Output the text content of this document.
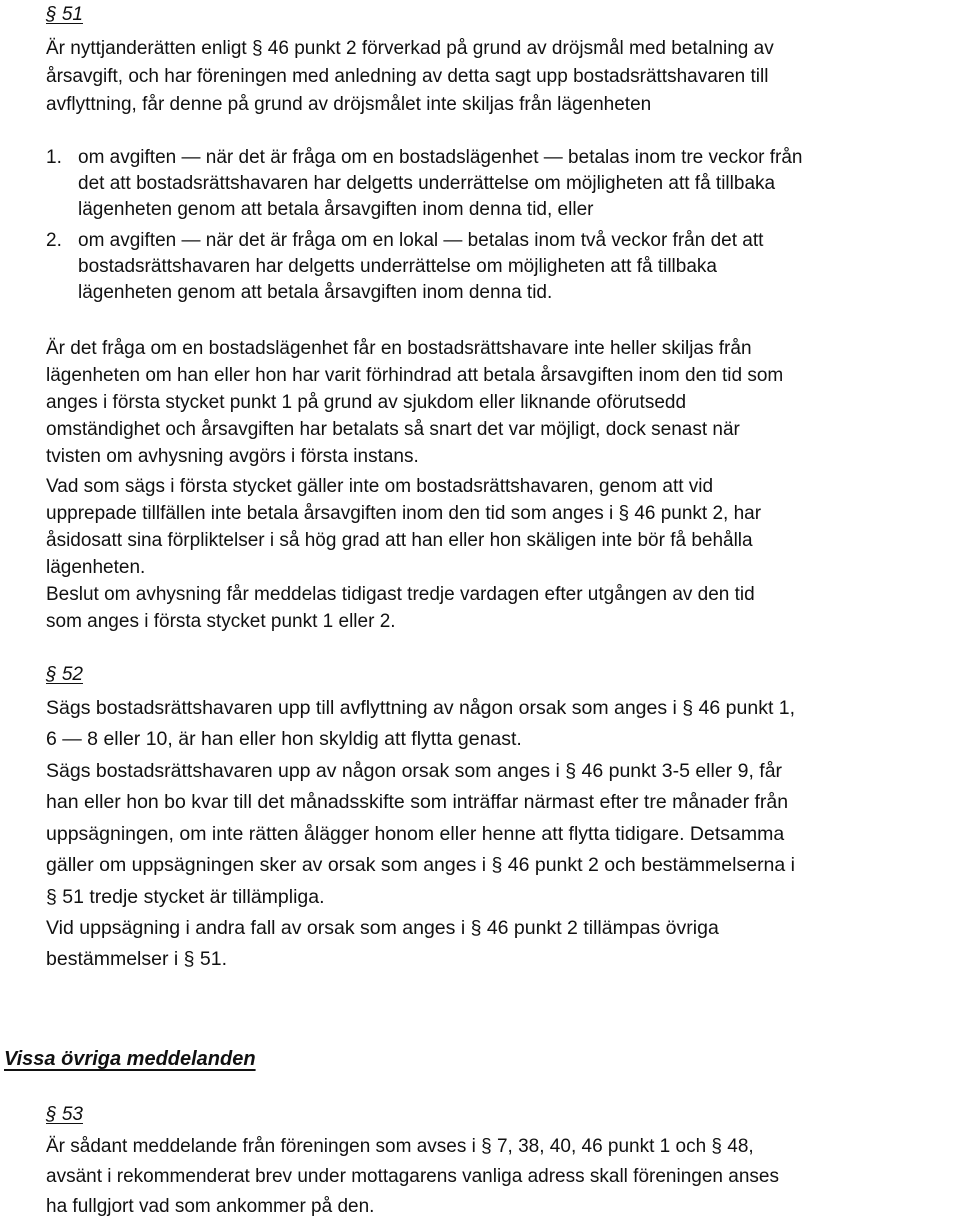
§ 51
Är nyttjanderätten enligt § 46 punkt 2 förverkad på grund av dröjsmål med betalning av
årsavgift, och har föreningen med anledning av detta sagt upp bostadsrättshavaren till
avflyttning, får denne på grund av dröjsmålet inte skiljas från lägenheten
1. om avgiften — när det är fråga om en bostadslägenhet — betalas inom tre veckor från
det att bostadsrättshavaren har delgetts underrättelse om möjligheten att få tillbaka
lägenheten genom att betala årsavgiften inom denna tid, eller
2. om avgiften — när det är fråga om en lokal — betalas inom två veckor från det att
bostadsrättshavaren har delgetts underrättelse om möjligheten att få tillbaka
lägenheten genom att betala årsavgiften inom denna tid.
Är det fråga om en bostadslägenhet får en bostadsrättshavare inte heller skiljas från
lägenheten om han eller hon har varit förhindrad att betala årsavgiften inom den tid som
anges i första stycket punkt 1 på grund av sjukdom eller liknande oförutsedd
omständighet och årsavgiften har betalats så snart det var möjligt, dock senast när
tvisten om avhysning avgörs i första instans.
Vad som sägs i första stycket gäller inte om bostadsrättshavaren, genom att vid
upprepade tillfällen inte betala årsavgiften inom den tid som anges i § 46 punkt 2, har
åsidosatt sina förpliktelser i så hög grad att han eller hon skäligen inte bör få behålla
lägenheten.
Beslut om avhysning får meddelas tidigast tredje vardagen efter utgången av den tid
som anges i första stycket punkt 1 eller 2.
§ 52
Sägs bostadsrättshavaren upp till avflyttning av någon orsak som anges i § 46 punkt 1,
6 — 8 eller 10, är han eller hon skyldig att flytta genast.
Sägs bostadsrättshavaren upp av någon orsak som anges i § 46 punkt 3-5 eller 9, får
han eller hon bo kvar till det månadsskifte som inträffar närmast efter tre månader från
uppsägningen, om inte rätten ålägger honom eller henne att flytta tidigare. Detsamma
gäller om uppsägningen sker av orsak som anges i § 46 punkt 2 och bestämmelserna i
§ 51 tredje stycket är tillämpliga.
Vid uppsägning i andra fall av orsak som anges i § 46 punkt 2 tillämpas övriga
bestämmelser i § 51.
Vissa övriga meddelanden
§ 53
Är sådant meddelande från föreningen som avses i § 7, 38, 40, 46 punkt 1 och § 48,
avsänt i rekommenderat brev under mottagarens vanliga adress skall föreningen anses
ha fullgjort vad som ankommer på den.
